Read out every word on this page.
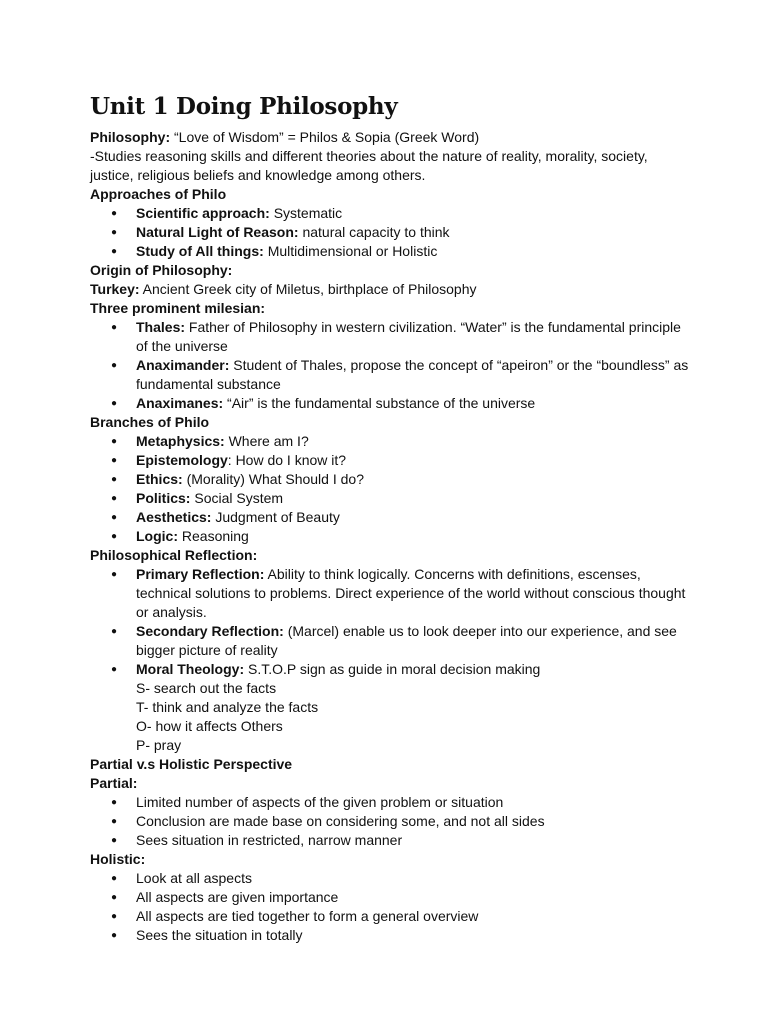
Unit 1 Doing Philosophy

Philosophy: “Love of Wisdom” = Philos & Sopia (Greek Word)

-Studies reasoning skills and different theories about the nature of reality, morality, society, justice, religious beliefs and knowledge among others.

Approaches of Philo

● Scientific approach: Systematic
● Natural Light of Reason: natural capacity to think
● Study of All things: Multidimensional or Holistic

Origin of Philosophy:

Turkey: Ancient Greek city of Miletus, birthplace of Philosophy

Three prominent milesian:

● Thales: Father of Philosophy in western civilization. “Water” is the fundamental principle of the universe
● Anaximander: Student of Thales, propose the concept of “apeiron” or the “boundless” as fundamental substance
● Anaximanes: “Air” is the fundamental substance of the universe

Branches of Philo

● Metaphysics: Where am I?
● Epistemology: How do I know it?
● Ethics: (Morality) What Should I do?
● Politics: Social System
● Aesthetics: Judgment of Beauty
● Logic: Reasoning

Philosophical Reflection:

● Primary Reflection: Ability to think logically. Concerns with definitions, escenses, technical solutions to problems. Direct experience of the world without conscious thought or analysis.
● Secondary Reflection: (Marcel) enable us to look deeper into our experience, and see bigger picture of reality
● Moral Theology: S.T.O.P sign as guide in moral decision making
S- search out the facts
T- think and analyze the facts
O- how it affects Others
P- pray

Partial v.s Holistic Perspective

Partial:

● Limited number of aspects of the given problem or situation
● Conclusion are made base on considering some, and not all sides
● Sees situation in restricted, narrow manner

Holistic:

● Look at all aspects
● All aspects are given importance
● All aspects are tied together to form a general overview
● Sees the situation in totally
